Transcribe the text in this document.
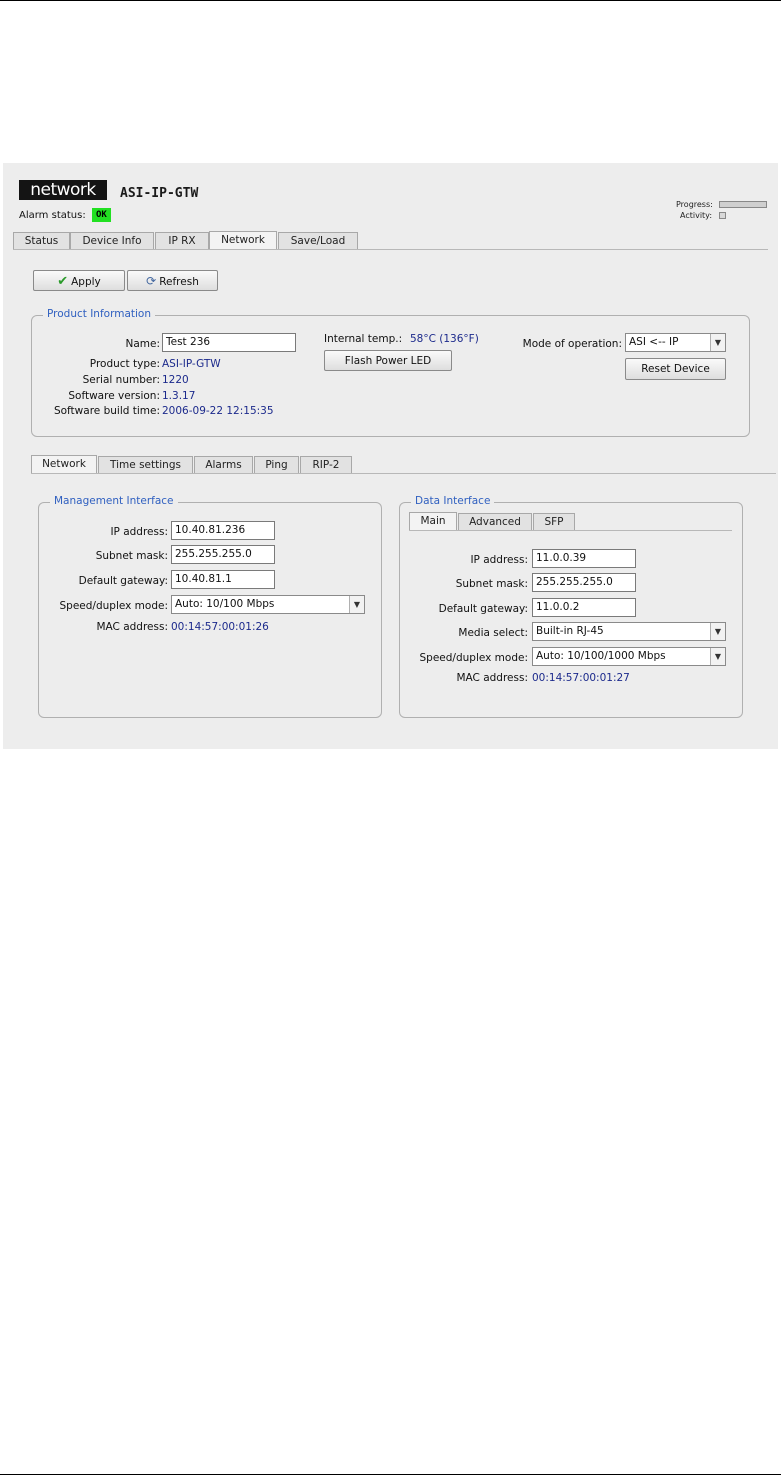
network	ASI-IP-GTW
Alarm status:	OK
Progress:
Activity:
Status	Device Info	IP RX	Network	Save/Load
✔ Apply	⟳ Refresh
Product Information
Name: Test 236
Product type: ASI-IP-GTW
Serial number: 1220
Software version: 1.3.17
Software build time: 2006-09-22 12:15:35
Internal temp.: 58°C (136°F)
Flash Power LED
Mode of operation: ASI <-- IP	▼
Reset Device
Network	Time settings	Alarms	Ping	RIP-2
Management Interface
IP address: 10.40.81.236
Subnet mask: 255.255.255.0
Default gateway: 10.40.81.1
Speed/duplex mode: Auto: 10/100 Mbps	▼
MAC address: 00:14:57:00:01:26
Data Interface
Main	Advanced	SFP
IP address: 11.0.0.39
Subnet mask: 255.255.255.0
Default gateway: 11.0.0.2
Media select: Built-in RJ-45	▼
Speed/duplex mode: Auto: 10/100/1000 Mbps	▼
MAC address: 00:14:57:00:01:27
